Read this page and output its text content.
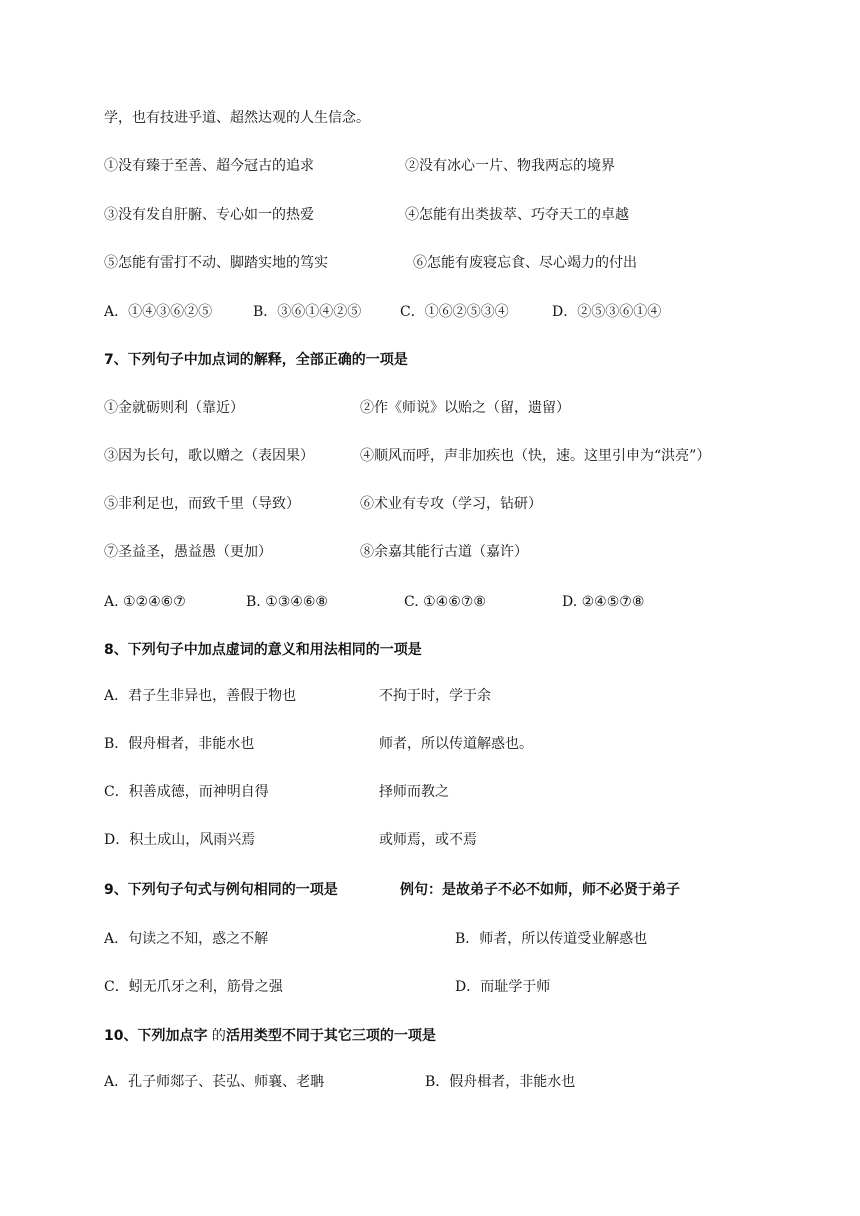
学，也有技进乎道、超然达观的人生信念。
①没有臻于至善、超今冠古的追求	②没有冰心一片、物我两忘的境界
③没有发自肝腑、专心如一的热爱	④怎能有出类拔萃、巧夺天工的卓越
⑤怎能有雷打不动、脚踏实地的笃实	⑥怎能有废寝忘食、尽心竭力的付出
A．①④③⑥②⑤	B．③⑥①④②⑤	C．①⑥②⑤③④	D．②⑤③⑥①④
7、下列句子中加点词的解释，全部正确的一项是
①金就砺则利（靠近）	②作《师说》以贻之（留，遗留）
③因为长句，歌以赠之（表因果）	④顺风而呼，声非加疾也（快，速。这里引申为“洪亮”）
⑤非利足也，而致千里（导致）	⑥术业有专攻（学习，钻研）
⑦圣益圣，愚益愚（更加）	⑧余嘉其能行古道（嘉许）
A. ①②④⑥⑦	B. ①③④⑥⑧	C. ①④⑥⑦⑧	D. ②④⑤⑦⑧
8、下列句子中加点虚词的意义和用法相同的一项是
A．君子生非异也，善假于物也	不拘于时，学于余
B．假舟楫者，非能水也	师者，所以传道解惑也。
C．积善成德，而神明自得	择师而教之
D．积土成山，风雨兴焉	或师焉，或不焉
9、下列句子句式与例句相同的一项是	例句：是故弟子不必不如师，师不必贤于弟子
A．句读之不知，惑之不解	B．师者，所以传道受业解惑也
C．蚓无爪牙之利，筋骨之强	D．而耻学于师
10、下列加点字 的活用类型不同于其它三项的一项是
A．孔子师郯子、苌弘、师襄、老聃	B．假舟楫者，非能水也
